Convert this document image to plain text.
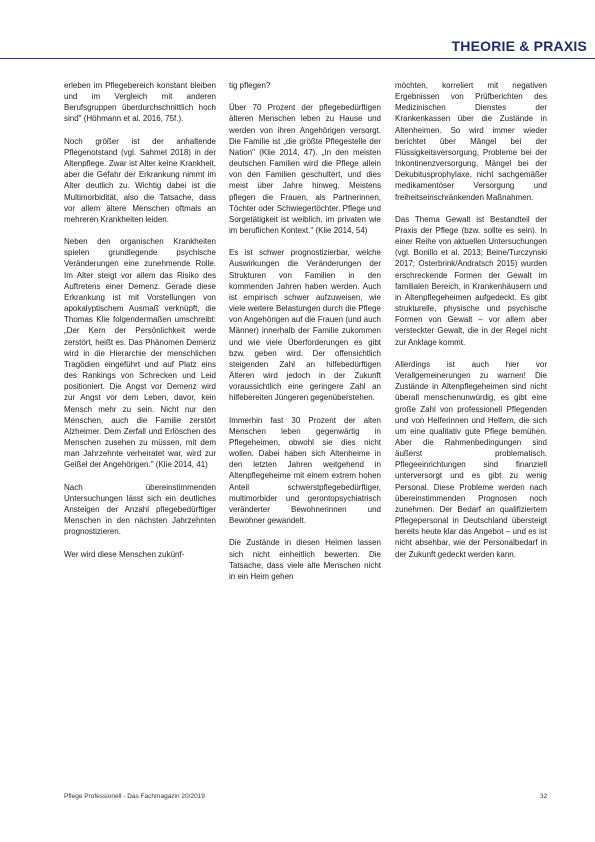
THEORIE & PRAXIS

erleben im Pflegebereich konstant bleiben und im Vergleich mit anderen Berufsgruppen überdurchschnittlich hoch sind" (Höhmann et al. 2016, 75f.).

Noch größer ist der anhaltende Pflegenotstand (vgl. Sahmel 2018) in der Altenpflege. Zwar ist Alter keine Krankheit, aber die Gefahr der Erkrankung nimmt im Alter deutlich zu. Wichtig dabei ist die Multimorbidität, also die Tatsache, dass vor allem ältere Menschen oftmals an mehreren Krankheiten leiden.

Neben den organischen Krankheiten spielen grundlegende psychische Veränderungen eine zunehmende Rolle. Im Alter steigt vor allem das Risiko des Auftretens einer Demenz. Gerade diese Erkrankung ist mit Vorstellungen von apokalyptischem Ausmaß verknüpft, die Thomas Klie folgendermaßen umschreibt: „Der Kern der Persönlichkeit werde zerstört, heißt es. Das Phänomen Demenz wird in die Hierarchie der menschlichen Tragödien eingeführt und auf Platz eins des Rankings von Schrecken und Leid positioniert. Die Angst vor Demenz wird zur Angst vor dem Leben, davor, kein Mensch mehr zu sein. Nicht nur den Menschen, auch die Familie zerstört Alzheimer. Dem Zerfall und Erlöschen des Menschen zusehen zu müssen, mit dem man Jahrzehnte verheiratet war, wird zur Geißel der Angehörigen." (Klie 2014, 41)

Nach übereinstimmenden Untersuchungen lässt sich ein deutliches Ansteigen der Anzahl pflegebedürftiger Menschen in den nächsten Jahrzehnten prognostizieren.

Wer wird diese Menschen zukünf-

tig pflegen?

Über 70 Prozent der pflegebedürftigen älteren Menschen leben zu Hause und werden von ihren Angehörigen versorgt. Die Familie ist „die größte Pflegestelle der Nation" (Klie 2014, 47). „In den meisten deutschen Familien wird die Pflege allein von den Familien geschultert, und dies meist über Jahre hinweg. Meistens pflegen die Frauen, als Partnerinnen, Töchter oder Schwiegertöchter. Pflege und Sorgetätigkeit ist weiblich, im privaten wie im beruflichen Kontext." (Klie 2014, 54)

Es ist schwer prognostizierbar, welche Auswirkungen die Veränderungen der Strukturen von Familien in den kommenden Jahren haben werden. Auch ist empirisch schwer aufzuweisen, wie viele weitere Belastungen durch die Pflege von Angehörigen auf die Frauen (und auch Männer) innerhalb der Familie zukommen und wie viele Überforderungen es gibt bzw. geben wird. Der offensichtlich steigenden Zahl an hilfebedürftigen Älteren wird jedoch in der Zukunft voraussichtlich eine geringere Zahl an hilfebereiten Jüngeren gegenüberstehen.

Immerhin fast 30 Prozent der alten Menschen leben gegenwärtig in Pflegeheimen, obwohl sie dies nicht wollen. Dabei haben sich Altenheime in den letzten Jahren weitgehend in Altenpflegeheime mit einem extrem hohen Anteil schwerstpflegebedürftiger, multimorbider und gerontopsychiatrisch veränderter Bewohnerinnen und Bewohner gewandelt.

Die Zustände in diesen Heimen lassen sich nicht einheitlich bewerten. Die Tatsache, dass viele alte Menschen nicht in ein Heim gehen

möchten, korreliert mit negativen Ergebnissen von Prüfberichten des Medizinischen Dienstes der Krankenkassen über die Zustände in Altenheimen. So wird immer wieder berichtet über Mängel bei der Flüssigkeitsversorgung, Probleme bei der Inkontinenzversorgung, Mängel bei der Dekubitusprophylaxe, nicht sachgemäßer medikamentöser Versorgung und freiheitseinschränkenden Maßnahmen.

Das Thema Gewalt ist Bestandteil der Praxis der Pflege (bzw. sollte es sein). In einer Reihe von aktuellen Untersuchungen (vgl. Bonillo et al. 2013; Beine/Turczynski 2017; Osterbrink/Andratsch 2015) wurden erschreckende Formen der Gewalt im familialen Bereich, in Krankenhäusern und in Altenpflegeheimen aufgedeckt. Es gibt strukturelle, physische und psychische Formen von Gewalt – vor allem aber versteckter Gewalt, die in der Regel nicht zur Anklage kommt.

Allerdings ist auch hier vor Verallgemeinerungen zu warnen! Die Zustände in Altenpflegeheimen sind nicht überall menschenunwürdig, es gibt eine große Zahl von professionell Pflegenden und von Helferinnen und Helfern, die sich um eine qualitativ gute Pflege bemühen. Aber die Rahmenbedingungen sind äußerst problematisch. Pflegeeinrichtungen sind finanziell unterversorgt und es gibt zu wenig Personal. Diese Probleme werden nach übereinstimmenden Prognosen noch zunehmen. Der Bedarf an qualifiziertem Pflegepersonal in Deutschland übersteigt bereits heute klar das Angebot – und es ist nicht absehbar, wie der Personalbedarf in der Zukunft gedeckt werden kann.

Pflege Professionell - Das Fachmagazin 20/2019	32
